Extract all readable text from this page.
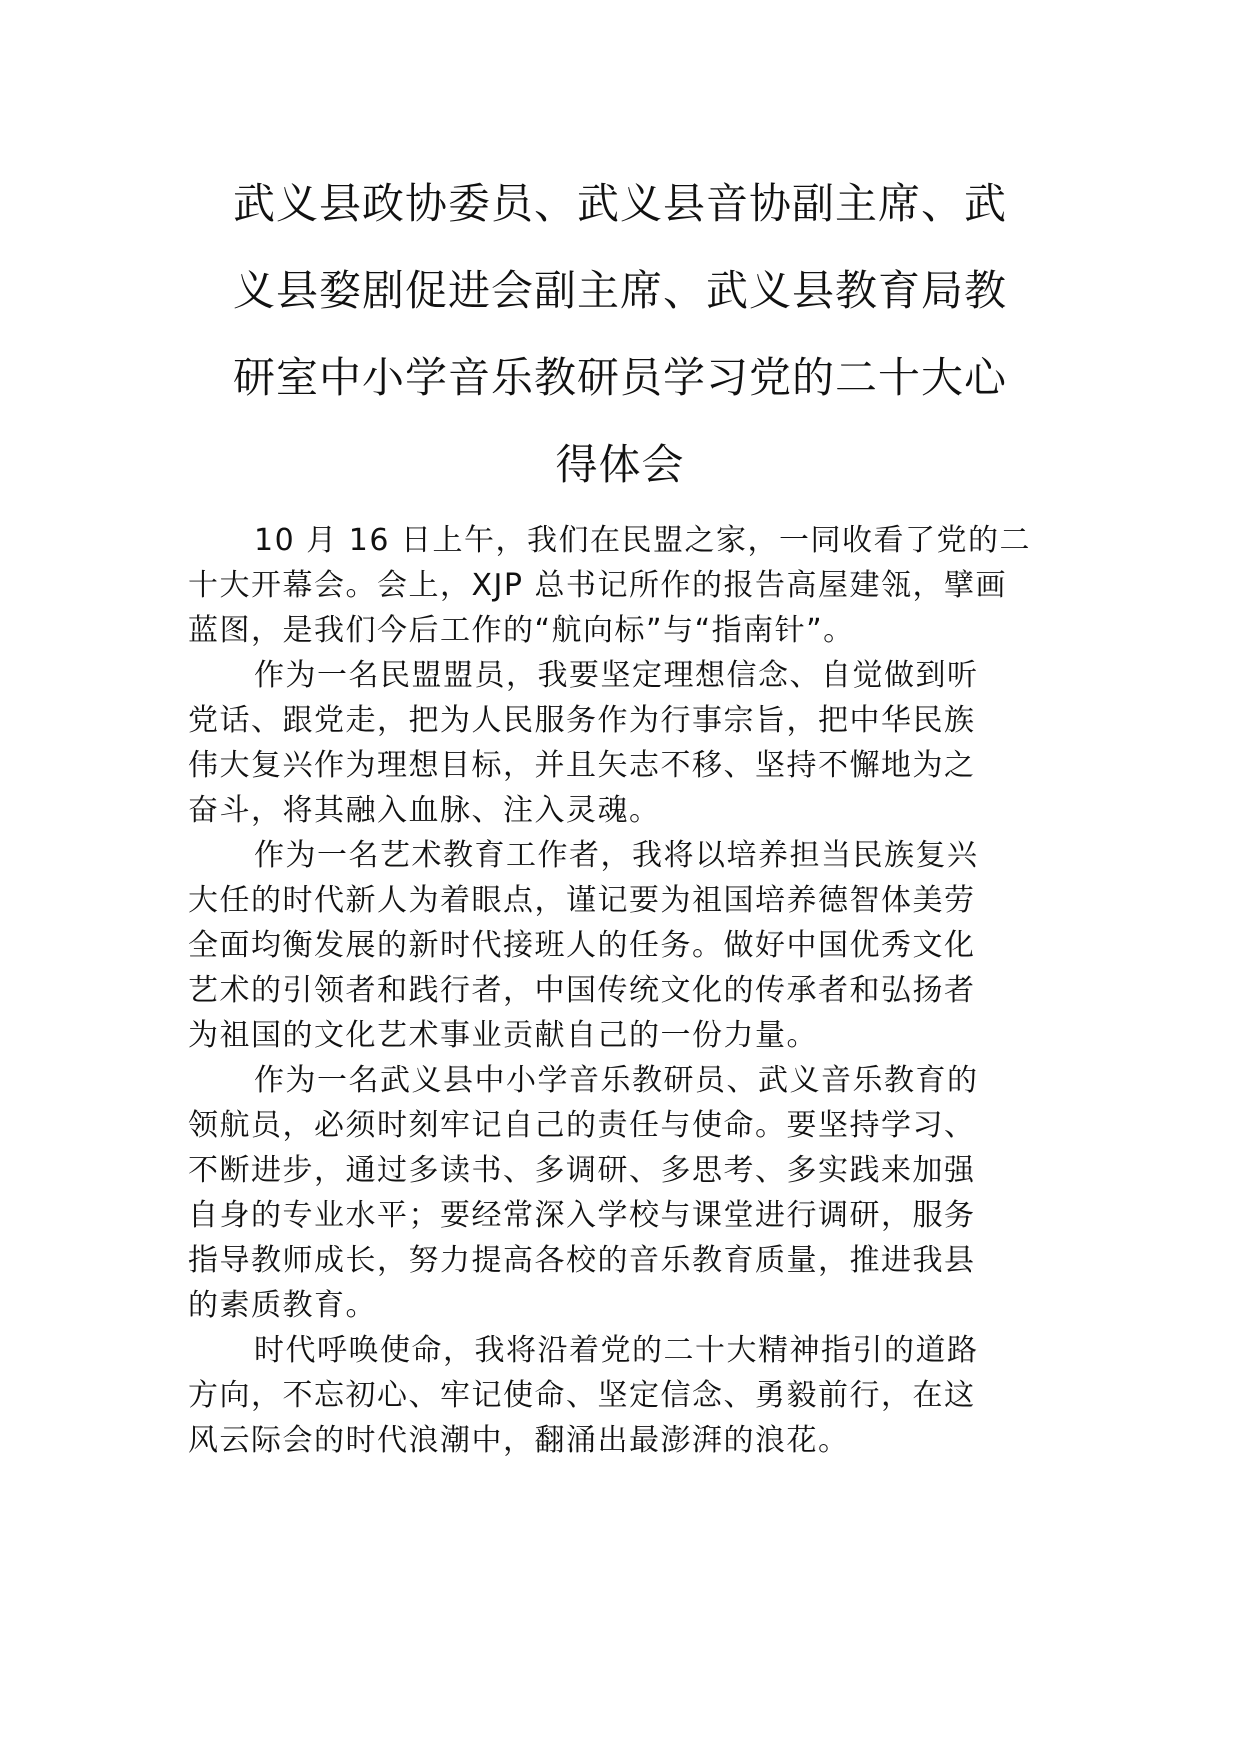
武义县政协委员、武义县音协副主席、武
义县婺剧促进会副主席、武义县教育局教
研室中小学音乐教研员学习党的二十大心
得体会
10 月 16 日上午，我们在民盟之家，一同收看了党的二
十大开幕会。会上，XJP 总书记所作的报告高屋建瓴，擘画
蓝图，是我们今后工作的“航向标”与“指南针”。
作为一名民盟盟员，我要坚定理想信念、自觉做到听
党话、跟党走，把为人民服务作为行事宗旨，把中华民族
伟大复兴作为理想目标，并且矢志不移、坚持不懈地为之
奋斗，将其融入血脉、注入灵魂。
作为一名艺术教育工作者，我将以培养担当民族复兴
大任的时代新人为着眼点，谨记要为祖国培养德智体美劳
全面均衡发展的新时代接班人的任务。做好中国优秀文化
艺术的引领者和践行者，中国传统文化的传承者和弘扬者
为祖国的文化艺术事业贡献自己的一份力量。
作为一名武义县中小学音乐教研员、武义音乐教育的
领航员，必须时刻牢记自己的责任与使命。要坚持学习、
不断进步，通过多读书、多调研、多思考、多实践来加强
自身的专业水平；要经常深入学校与课堂进行调研，服务
指导教师成长，努力提高各校的音乐教育质量，推进我县
的素质教育。
时代呼唤使命，我将沿着党的二十大精神指引的道路
方向，不忘初心、牢记使命、坚定信念、勇毅前行，在这
风云际会的时代浪潮中，翻涌出最澎湃的浪花。
